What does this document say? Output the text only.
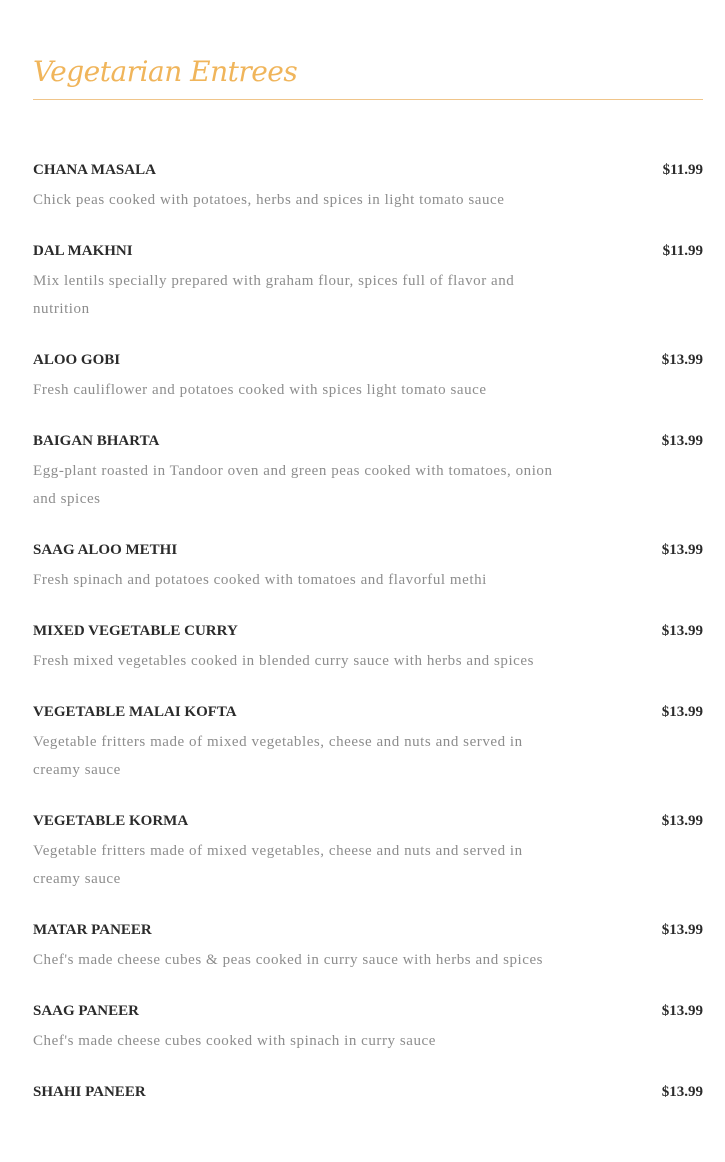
Vegetarian Entrees
CHANA MASALA	$11.99
Chick peas cooked with potatoes, herbs and spices in light tomato sauce
DAL MAKHNI	$11.99
Mix lentils specially prepared with graham flour, spices full of flavor and nutrition
ALOO GOBI	$13.99
Fresh cauliflower and potatoes cooked with spices light tomato sauce
BAIGAN BHARTA	$13.99
Egg-plant roasted in Tandoor oven and green peas cooked with tomatoes, onion and spices
SAAG ALOO METHI	$13.99
Fresh spinach and potatoes cooked with tomatoes and flavorful methi
MIXED VEGETABLE CURRY	$13.99
Fresh mixed vegetables cooked in blended curry sauce with herbs and spices
VEGETABLE MALAI KOFTA	$13.99
Vegetable fritters made of mixed vegetables, cheese and nuts and served in creamy sauce
VEGETABLE KORMA	$13.99
Vegetable fritters made of mixed vegetables, cheese and nuts and served in creamy sauce
MATAR PANEER	$13.99
Chef's made cheese cubes & peas cooked in curry sauce with herbs and spices
SAAG PANEER	$13.99
Chef's made cheese cubes cooked with spinach in curry sauce
SHAHI PANEER	$13.99
